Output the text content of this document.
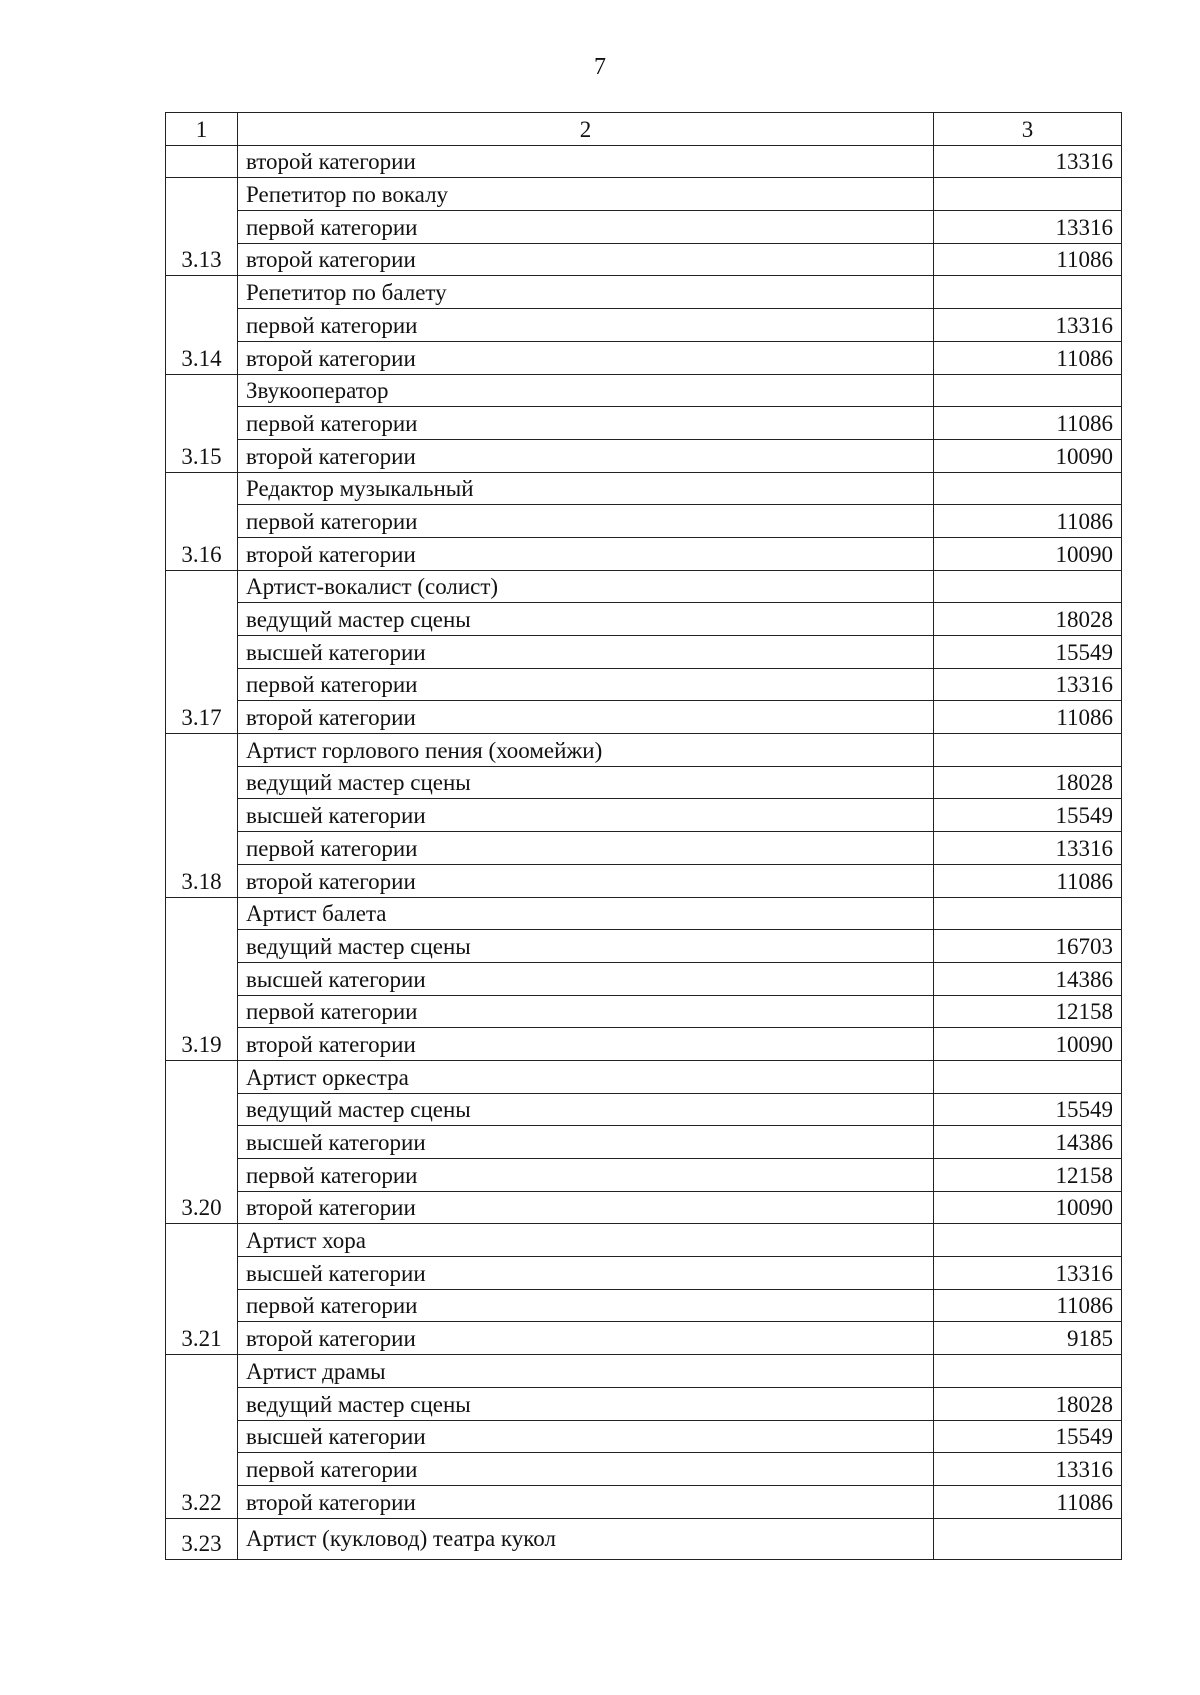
7
1	2	3
	второй категории	13316
3.13	Репетитор по вокалу	
	первой категории	13316
	второй категории	11086
3.14	Репетитор по балету	
	первой категории	13316
	второй категории	11086
3.15	Звукооператор	
	первой категории	11086
	второй категории	10090
3.16	Редактор музыкальный	
	первой категории	11086
	второй категории	10090
3.17	Артист-вокалист (солист)	
	ведущий мастер сцены	18028
	высшей категории	15549
	первой категории	13316
	второй категории	11086
3.18	Артист горлового пения (хоомейжи)	
	ведущий мастер сцены	18028
	высшей категории	15549
	первой категории	13316
	второй категории	11086
3.19	Артист балета	
	ведущий мастер сцены	16703
	высшей категории	14386
	первой категории	12158
	второй категории	10090
3.20	Артист оркестра	
	ведущий мастер сцены	15549
	высшей категории	14386
	первой категории	12158
	второй категории	10090
3.21	Артист хора	
	высшей категории	13316
	первой категории	11086
	второй категории	9185
3.22	Артист драмы	
	ведущий мастер сцены	18028
	высшей категории	15549
	первой категории	13316
	второй категории	11086
3.23	Артист (кукловод) театра кукол	
